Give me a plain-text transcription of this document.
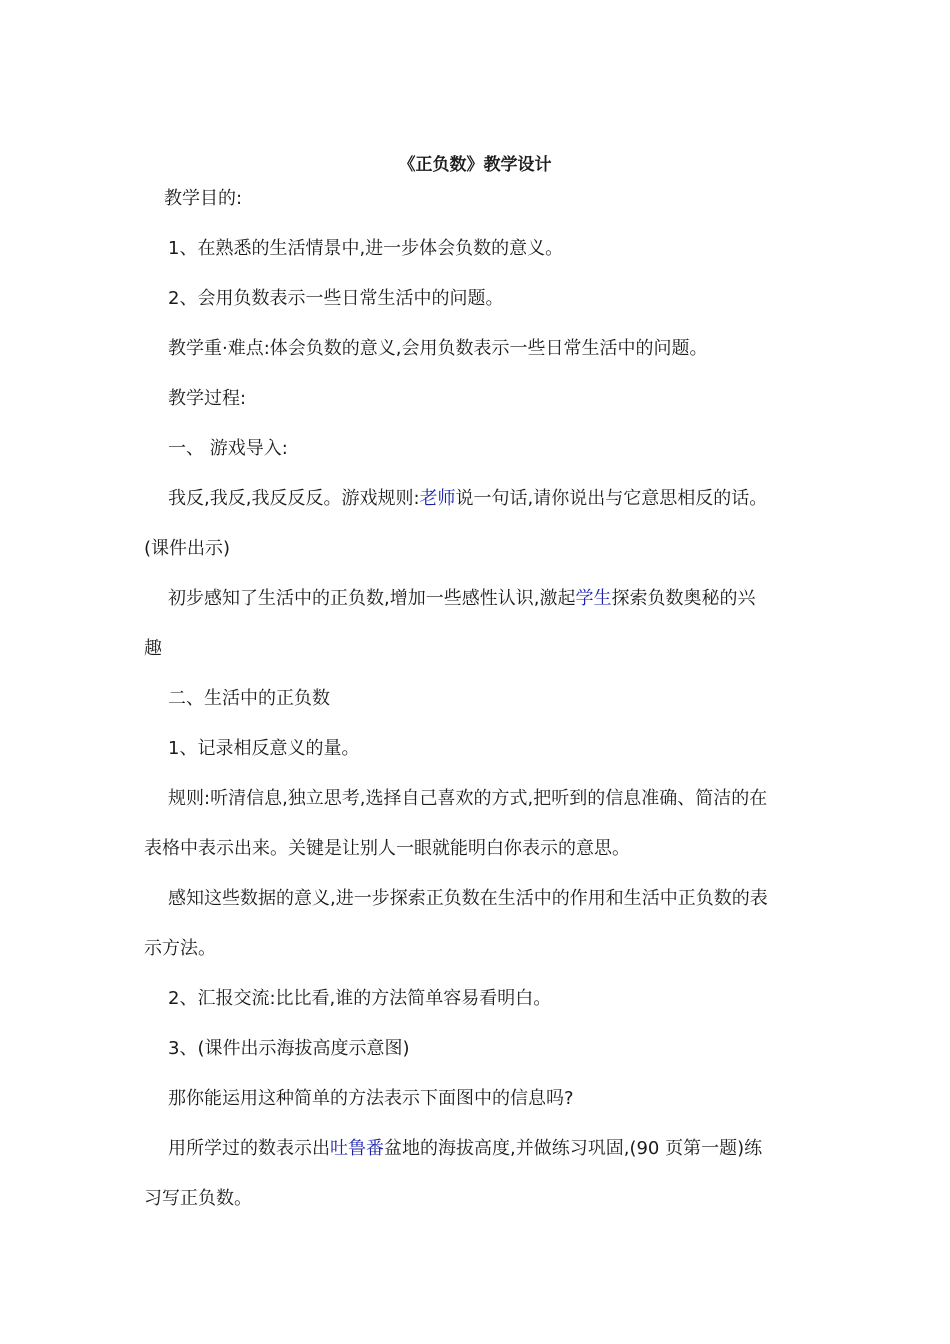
《正负数》教学设计
教学目的:
1、在熟悉的生活情景中,进一步体会负数的意义。
2、会用负数表示一些日常生活中的问题。
教学重·难点:体会负数的意义,会用负数表示一些日常生活中的问题。
教学过程:
一、 游戏导入:
我反,我反,我反反反。游戏规则:老师说一句话,请你说出与它意思相反的话。
(课件出示)
初步感知了生活中的正负数,增加一些感性认识,激起学生探索负数奥秘的兴
趣
二、生活中的正负数
1、记录相反意义的量。
规则:听清信息,独立思考,选择自己喜欢的方式,把听到的信息准确、简洁的在
表格中表示出来。关键是让别人一眼就能明白你表示的意思。
感知这些数据的意义,进一步探索正负数在生活中的作用和生活中正负数的表
示方法。
2、汇报交流:比比看,谁的方法简单容易看明白。
3、(课件出示海拔高度示意图)
那你能运用这种简单的方法表示下面图中的信息吗?
用所学过的数表示出吐鲁番盆地的海拔高度,并做练习巩固,(90 页第一题)练
习写正负数。
